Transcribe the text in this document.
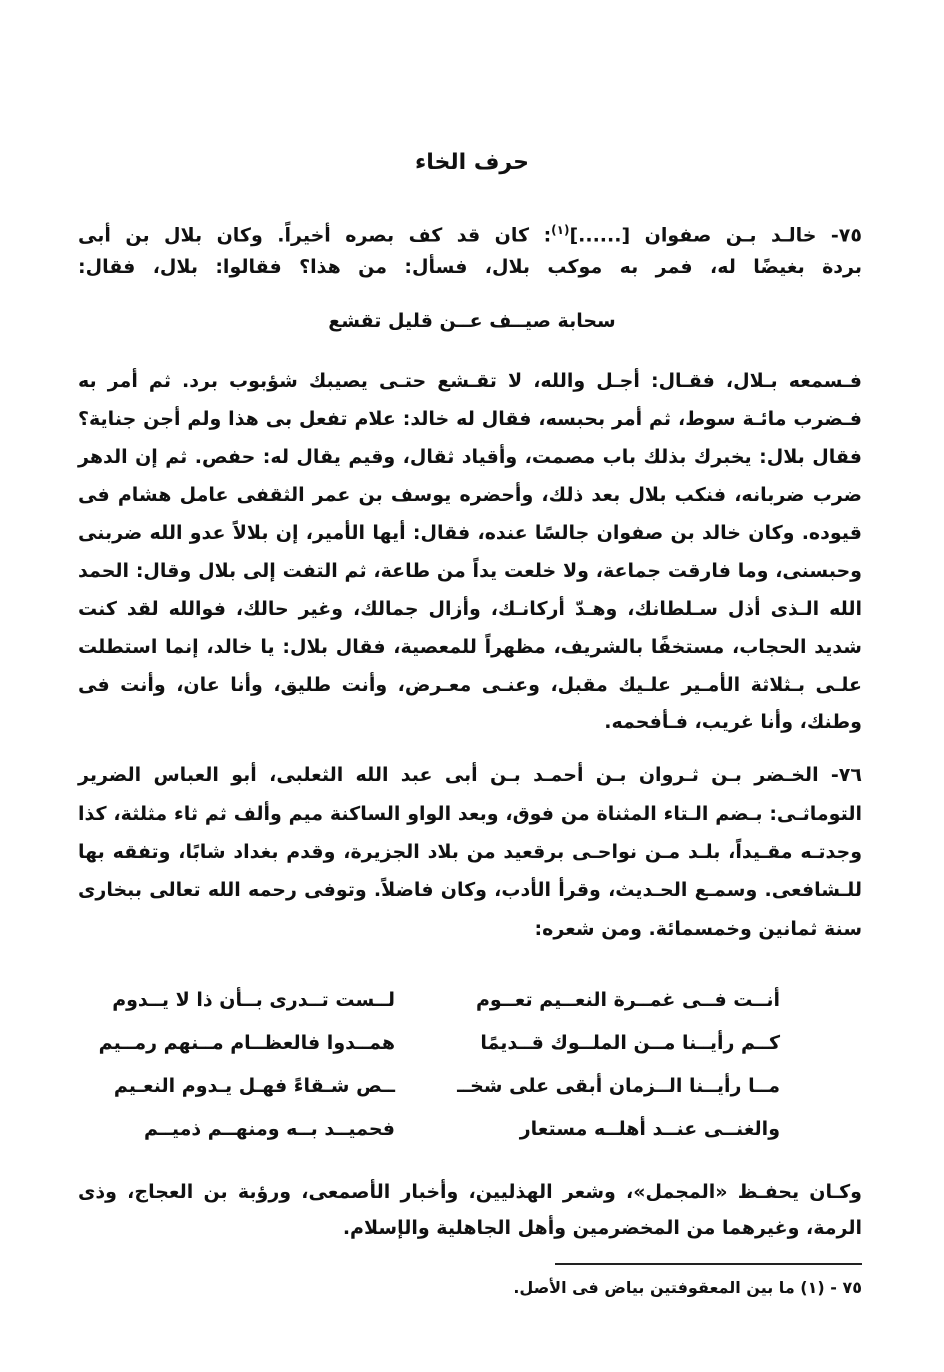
حرف الخاء
٧٥- خالـد بـن صفوان [......]$^{(١)}$: كان قد كف بصره أخيراً. وكان بلال بن أبى
بردة بغيضًا له، فمر به موكب بلال، فسأل: من هذا؟ فقالوا: بلال، فقال:
سحابة صيــف عــن قليل تقشع
فـسمعه بـلال، فقـال: أجـل والله، لا تقـشع حتـى يصيبك شؤبوب برد. ثم أمر به
فـضرب مائـة سوط، ثم أمر بحبسه، فقال له خالد: علام تفعل بى هذا ولم أجن جناية؟
فقال بلال: يخبرك بذلك باب مصمت، وأقياد ثقال، وقيم يقال له: حفص. ثم إن الدهر
ضرب ضربانه، فنكب بلال بعد ذلك، وأحضره يوسف بن عمر الثقفى عامل هشام فى
قيوده. وكان خالد بن صفوان جالسًا عنده، فقال: أيها الأمير، إن بلالاً عدو الله ضربنى
وحبسنى، وما فارقت جماعة، ولا خلعت يداً من طاعة، ثم التفت إلى بلال وقال: الحمد
الله الـذى أذل سـلطانك، وهـدّ أركانـك، وأزال جمالك، وغير حالك، فوالله لقد كنت
شديد الحجاب، مستخفًا بالشريف، مظهراً للمعصية، فقال بلال: يا خالد، إنما استطلت
علـى بـثلاثة الأمـير علـيك مقبل، وعنـى معـرض، وأنت طليق، وأنا عان، وأنت فى
وطنك، وأنا غريب، فـأفحمه.
٧٦- الخـضر بـن ثـروان بـن أحمـد بـن أبى عبد الله الثعلبى، أبو العباس الضرير
التوماثـى: بـضم الـتاء المثناة من فوق، وبعد الواو الساكنة ميم وألف ثم ثاء مثلثة، كذا
وجدتـه مقـيداً، بلـد مـن نواحـى برقعيد من بلاد الجزيرة، وقدم بغداد شابًا، وتفقه بها
للـشافعى. وسمـع الحـديث، وقرأ الأدب، وكان فاضلاً. وتوفى رحمه الله تعالى ببخارى
سنة ثمانين وخمسمائة. ومن شعره:
أنــت فــى غمــرة النعــيم تعــوم
لــست تــدرى بــأن ذا لا يــدوم
كــم رأيــنا مــن الملــوك قــديمًا
همــدوا فالعظــام مــنهم رمــيم
مــا رأيــنا الــزمان أبقى على شخــ
ــص شـقاءً فهـل يـدوم النعـيم
والغنــى عنــد أهلــه مستعار
فحميــد بــه ومنهــم ذميــم
وكـان يحفـظ «المجمل»، وشعر الهذليين، وأخبار الأصمعى، ورؤبة بن العجاج، وذى
الرمة، وغيرهما من المخضرمين وأهل الجاهلية والإسلام.
٧٥ - (١) ما بين المعقوفتين بياض فى الأصل.
